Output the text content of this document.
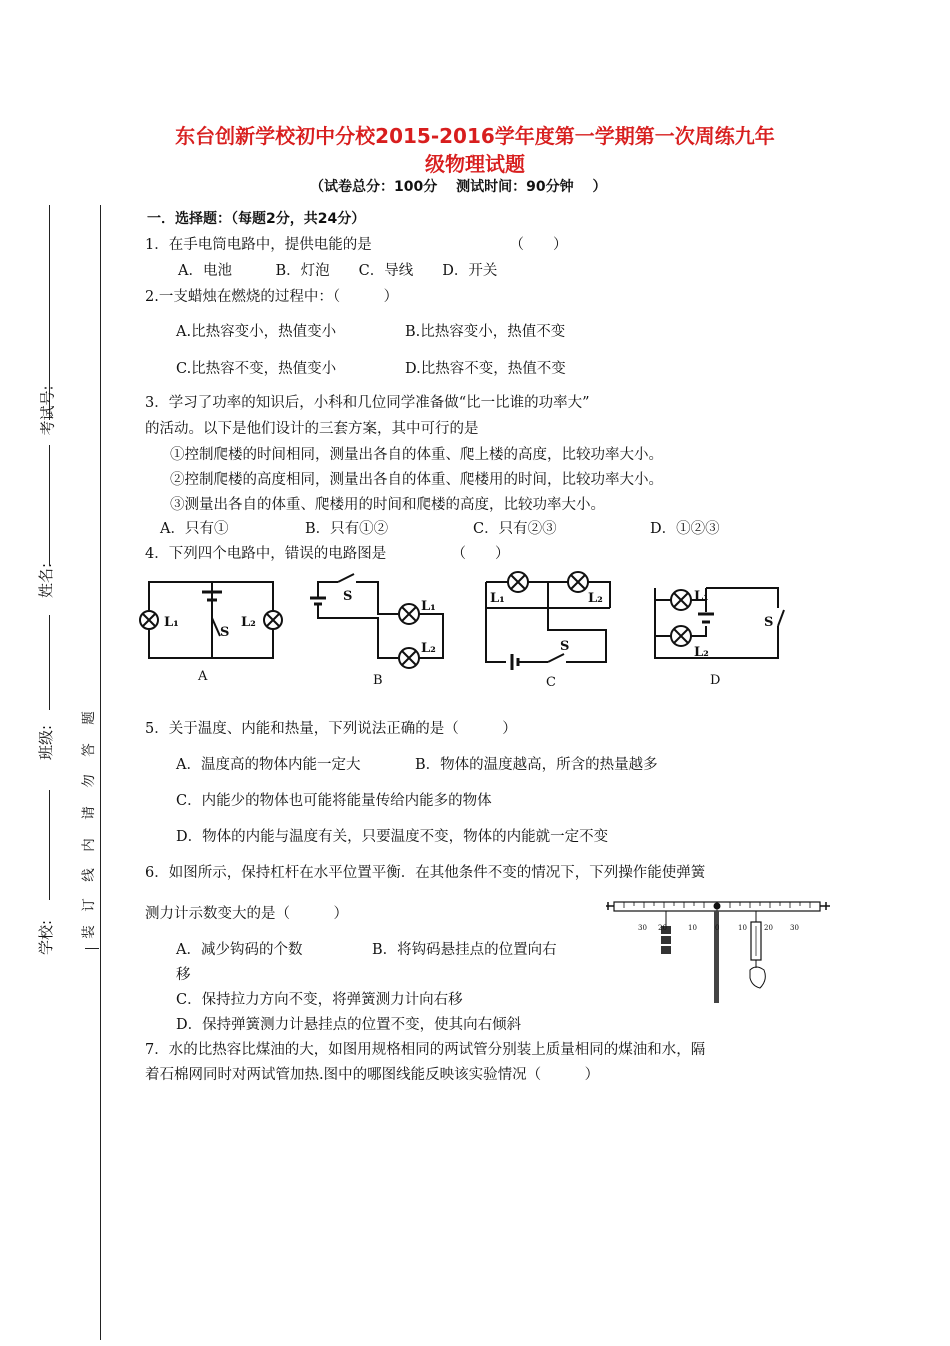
东台创新学校初中分校2015-2016学年度第一学期第一次周练九年
级物理试题
（试卷总分：100分　 测试时间：90分钟　 ）
考试号:
姓名:
班级:
学校:
题
答
勿
请
内
线
订
装
一．选择题：（每题2分，共24分）
1．在手电筒电路中，提供电能的是　　　　　　　　　　（　　）
A．电池　　　B．灯泡　　C．导线　　D．开关
2.一支蜡烛在燃烧的过程中：（　　　）
A.比热容变小，热值变小	B.比热容变小，热值不变
C.比热容不变，热值变小	D.比热容不变，热值不变
3．学习了功率的知识后，小科和几位同学准备做“比一比谁的功率大”
的活动。以下是他们设计的三套方案，其中可行的是
①控制爬楼的时间相同，测量出各自的体重、爬上楼的高度，比较功率大小。
②控制爬楼的高度相同，测量出各自的体重、爬楼用的时间，比较功率大小。
③测量出各自的体重、爬楼用的时间和爬楼的高度，比较功率大小。
A．只有①	B．只有①②	C．只有②③	D．①②③
4．下列四个电路中，错误的电路图是　　　　　（　　）
L₁	L₂
S
S
L₁
L₂
L₁	L₂
S
L₁
L₂
S
A	B	C	D
5．关于温度、内能和热量，下列说法正确的是（　　　）
A．温度高的物体内能一定大	B．物体的温度越高，所含的热量越多
C．内能少的物体也可能将能量传给内能多的物体
D．物体的内能与温度有关，只要温度不变，物体的内能就一定不变
6．如图所示，保持杠杆在水平位置平衡．在其他条件不变的情况下，下列操作能使弹簧
测力计示数变大的是（　　　）
A．减少钩码的个数	B．将钩码悬挂点的位置向右
移
C．保持拉力方向不变，将弹簧测力计向右移
D．保持弹簧测力计悬挂点的位置不变，使其向右倾斜
30 20	10	0	10 20 30
7．水的比热容比煤油的大，如图用规格相同的两试管分别装上质量相同的煤油和水，隔
着石棉网同时对两试管加热.图中的哪图线能反映该实验情况（　　　）
